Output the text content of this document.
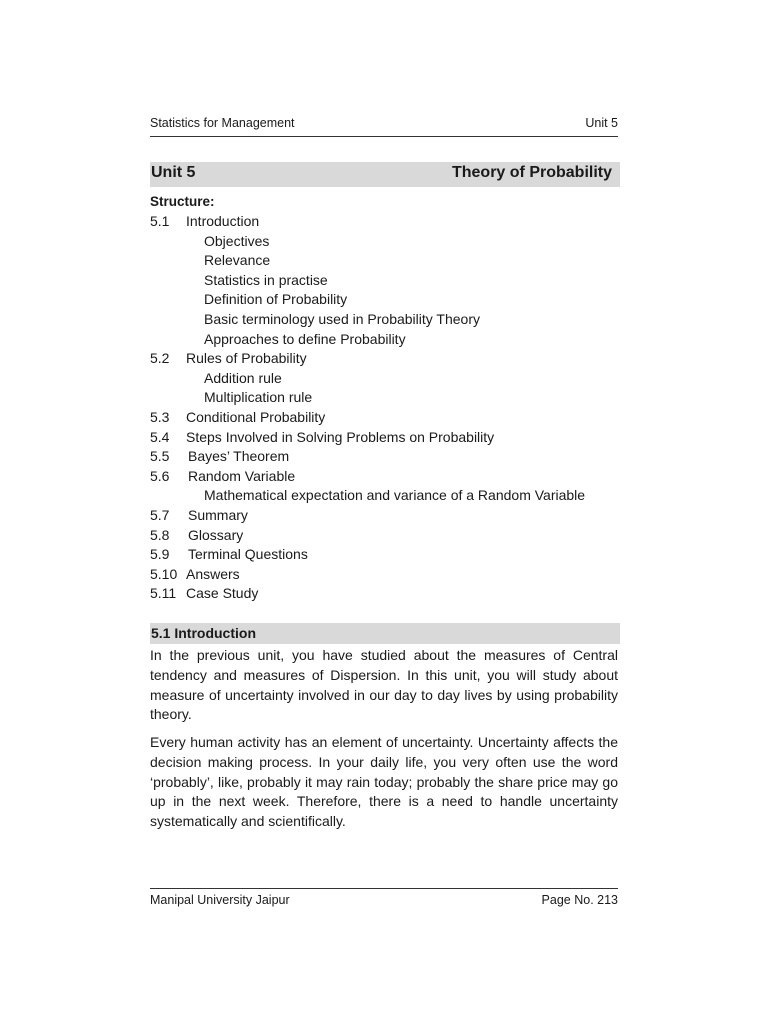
Statistics for Management	Unit 5
Unit 5	Theory of Probability
Structure:
5.1 Introduction
Objectives
Relevance
Statistics in practise
Definition of Probability
Basic terminology used in Probability Theory
Approaches to define Probability
5.2 Rules of Probability
Addition rule
Multiplication rule
5.3 Conditional Probability
5.4 Steps Involved in Solving Problems on Probability
5.5 Bayes’ Theorem
5.6 Random Variable
Mathematical expectation and variance of a Random Variable
5.7 Summary
5.8 Glossary
5.9 Terminal Questions
5.10 Answers
5.11 Case Study
5.1 Introduction

In the previous unit, you have studied about the measures of Central tendency and measures of Dispersion. In this unit, you will study about measure of uncertainty involved in our day to day lives by using probability theory.

Every human activity has an element of uncertainty. Uncertainty affects the decision making process. In your daily life, you very often use the word ‘probably’, like, probably it may rain today; probably the share price may go up in the next week. Therefore, there is a need to handle uncertainty systematically and scientifically.

Manipal University Jaipur	Page No. 213
